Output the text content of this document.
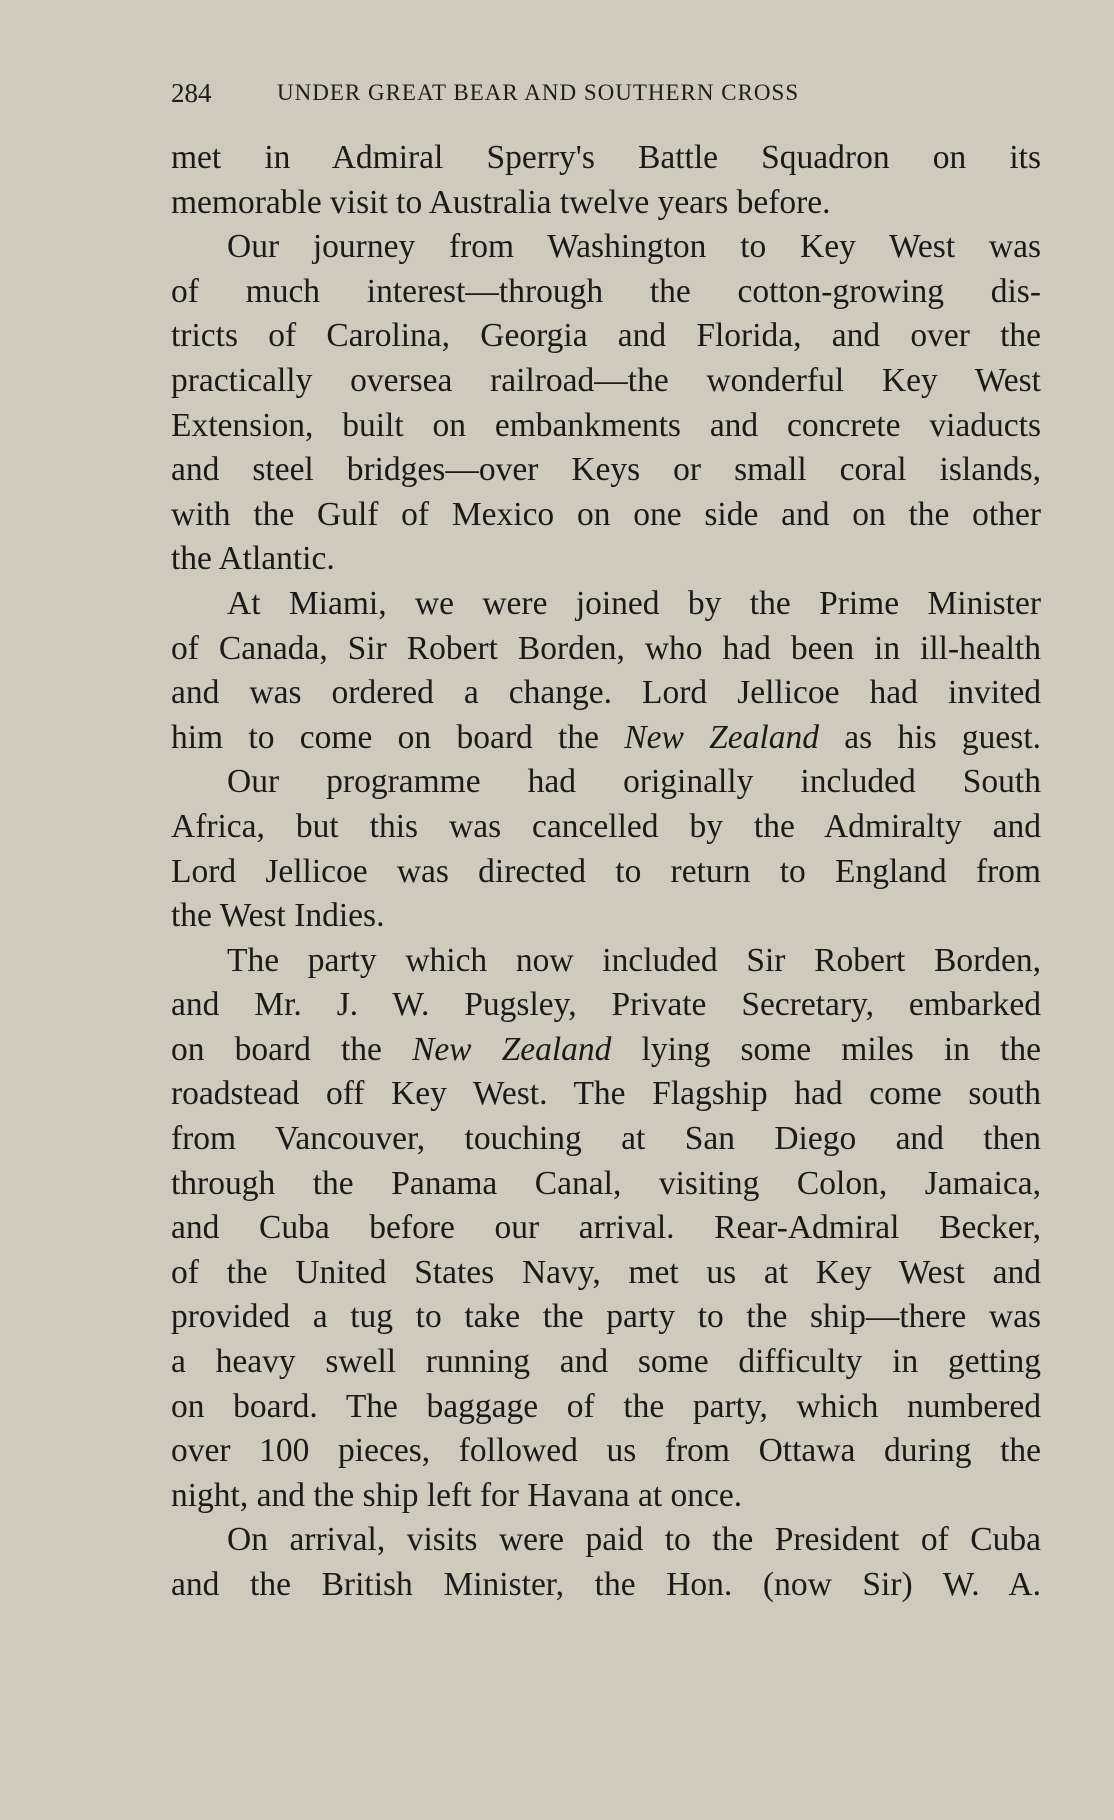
284	UNDER GREAT BEAR AND SOUTHERN CROSS
met in Admiral Sperry's Battle Squadron on its
memorable visit to Australia twelve years before.
Our journey from Washington to Key West was
of much interest—through the cotton-growing dis-
tricts of Carolina, Georgia and Florida, and over the
practically oversea railroad—the wonderful Key West
Extension, built on embankments and concrete viaducts
and steel bridges—over Keys or small coral islands,
with the Gulf of Mexico on one side and on the other
the Atlantic.
At Miami, we were joined by the Prime Minister
of Canada, Sir Robert Borden, who had been in ill-health
and was ordered a change. Lord Jellicoe had invited
him to come on board the New Zealand as his guest.
Our programme had originally included South
Africa, but this was cancelled by the Admiralty and
Lord Jellicoe was directed to return to England from
the West Indies.
The party which now included Sir Robert Borden,
and Mr. J. W. Pugsley, Private Secretary, embarked
on board the New Zealand lying some miles in the
roadstead off Key West. The Flagship had come south
from Vancouver, touching at San Diego and then
through the Panama Canal, visiting Colon, Jamaica,
and Cuba before our arrival. Rear-Admiral Becker,
of the United States Navy, met us at Key West and
provided a tug to take the party to the ship—there was
a heavy swell running and some difficulty in getting
on board. The baggage of the party, which numbered
over 100 pieces, followed us from Ottawa during the
night, and the ship left for Havana at once.
On arrival, visits were paid to the President of Cuba
and the British Minister, the Hon. (now Sir) W. A.
